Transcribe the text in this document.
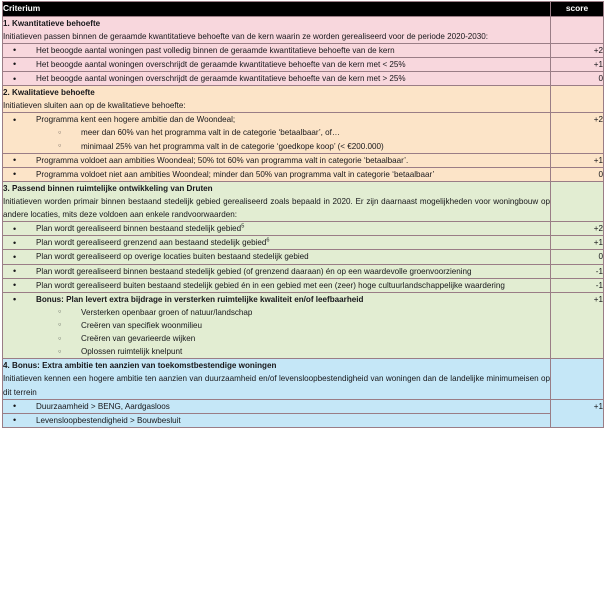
Criterium	score

1. Kwantitatieve behoefte

Initiatieven passen binnen de geraamde kwantitatieve behoefte van de kern waarin ze worden gerealiseerd voor de periode 2020-2030:	

• Het beoogde aantal woningen past volledig binnen de geraamde kwantitatieve behoefte van de kern	+2

• Het beoogde aantal woningen overschrijdt de geraamde kwantitatieve behoefte van de kern met < 25%	+1

• Het beoogde aantal woningen overschrijdt de geraamde kwantitatieve behoefte van de kern met > 25%	0

2. Kwalitatieve behoefte

Initiatieven sluiten aan op de kwalitatieve behoefte:	

• Programma kent een hogere ambitie dan de Woondeal;

○ meer dan 60% van het programma valt in de categorie ‘betaalbaar’, of…

○ minimaal 25% van het programma valt in de categorie ‘goedkope koop’ (< €200.000)	+2

• Programma voldoet aan ambities Woondeal; 50% tot 60% van programma valt in categorie ‘betaalbaar’.	+1

• Programma voldoet niet aan ambities Woondeal; minder dan 50% van programma valt in categorie ‘betaalbaar’	0

3. Passend binnen ruimtelijke ontwikkeling van Druten

Initiatieven worden primair binnen bestaand stedelijk gebied gerealiseerd zoals bepaald in 2020. Er zijn daarnaast mogelijkheden voor woningbouw op andere locaties, mits deze voldoen aan enkele randvoorwaarden:	

• Plan wordt gerealiseerd binnen bestaand stedelijk gebied$^5$	+2

• Plan wordt gerealiseerd grenzend aan bestaand stedelijk gebied$^6$	+1

• Plan wordt gerealiseerd op overige locaties buiten bestaand stedelijk gebied	0

• Plan wordt gerealiseerd binnen bestaand stedelijk gebied (of grenzend daaraan) én op een waardevolle groenvoorziening	-1

• Plan wordt gerealiseerd buiten bestaand stedelijk gebied én in een gebied met een (zeer) hoge cultuurlandschappelijke waardering	-1

• Bonus: Plan levert extra bijdrage in versterken ruimtelijke kwaliteit en/of leefbaarheid

○ Versterken openbaar groen of natuur/landschap

○ Creëren van specifiek woonmilieu

○ Creëren van gevarieerde wijken

○ Oplossen ruimtelijk knelpunt	+1

4. Bonus: Extra ambitie ten aanzien van toekomstbestendige woningen

Initiatieven kennen een hogere ambitie ten aanzien van duurzaamheid en/of levensloopbestendigheid van woningen dan de landelijke minimumeisen op dit terrein	

• Duurzaamheid > BENG, Aardgasloos	+1

• Levensloopbestendigheid > Bouwbesluit
